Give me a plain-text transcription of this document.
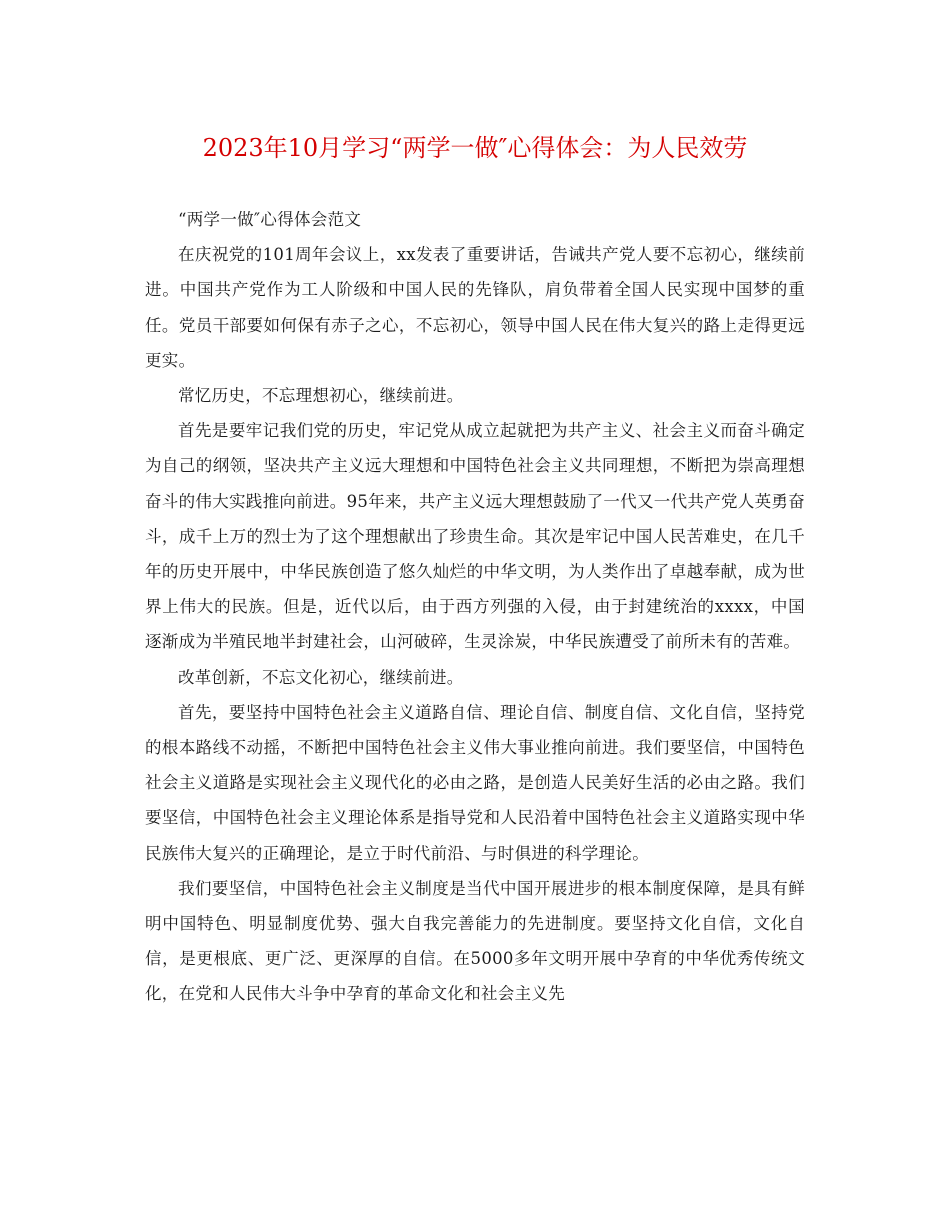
2023年10月学习“两学一做″心得体会：为人民效劳

“两学一做″心得体会范文

在庆祝党的101周年会议上，xx发表了重要讲话，告诫共产党人要不忘初心，继续前进。中国共产党作为工人阶级和中国人民的先锋队，肩负带着全国人民实现中国梦的重任。党员干部要如何保有赤子之心，不忘初心，领导中国人民在伟大复兴的路上走得更远更实。

常忆历史，不忘理想初心，继续前进。

首先是要牢记我们党的历史，牢记党从成立起就把为共产主义、社会主义而奋斗确定为自己的纲领，坚决共产主义远大理想和中国特色社会主义共同理想，不断把为崇高理想奋斗的伟大实践推向前进。95年来，共产主义远大理想鼓励了一代又一代共产党人英勇奋斗，成千上万的烈士为了这个理想献出了珍贵生命。其次是牢记中国人民苦难史，在几千年的历史开展中，中华民族创造了悠久灿烂的中华文明，为人类作出了卓越奉献，成为世界上伟大的民族。但是，近代以后，由于西方列强的入侵，由于封建统治的xxxx，中国逐渐成为半殖民地半封建社会，山河破碎，生灵涂炭，中华民族遭受了前所未有的苦难。

改革创新，不忘文化初心，继续前进。

首先，要坚持中国特色社会主义道路自信、理论自信、制度自信、文化自信，坚持党的根本路线不动摇，不断把中国特色社会主义伟大事业推向前进。我们要坚信，中国特色社会主义道路是实现社会主义现代化的必由之路，是创造人民美好生活的必由之路。我们要坚信，中国特色社会主义理论体系是指导党和人民沿着中国特色社会主义道路实现中华民族伟大复兴的正确理论，是立于时代前沿、与时俱进的科学理论。

我们要坚信，中国特色社会主义制度是当代中国开展进步的根本制度保障，是具有鲜明中国特色、明显制度优势、强大自我完善能力的先进制度。要坚持文化自信，文化自信，是更根底、更广泛、更深厚的自信。在5000多年文明开展中孕育的中华优秀传统文化，在党和人民伟大斗争中孕育的革命文化和社会主义先
